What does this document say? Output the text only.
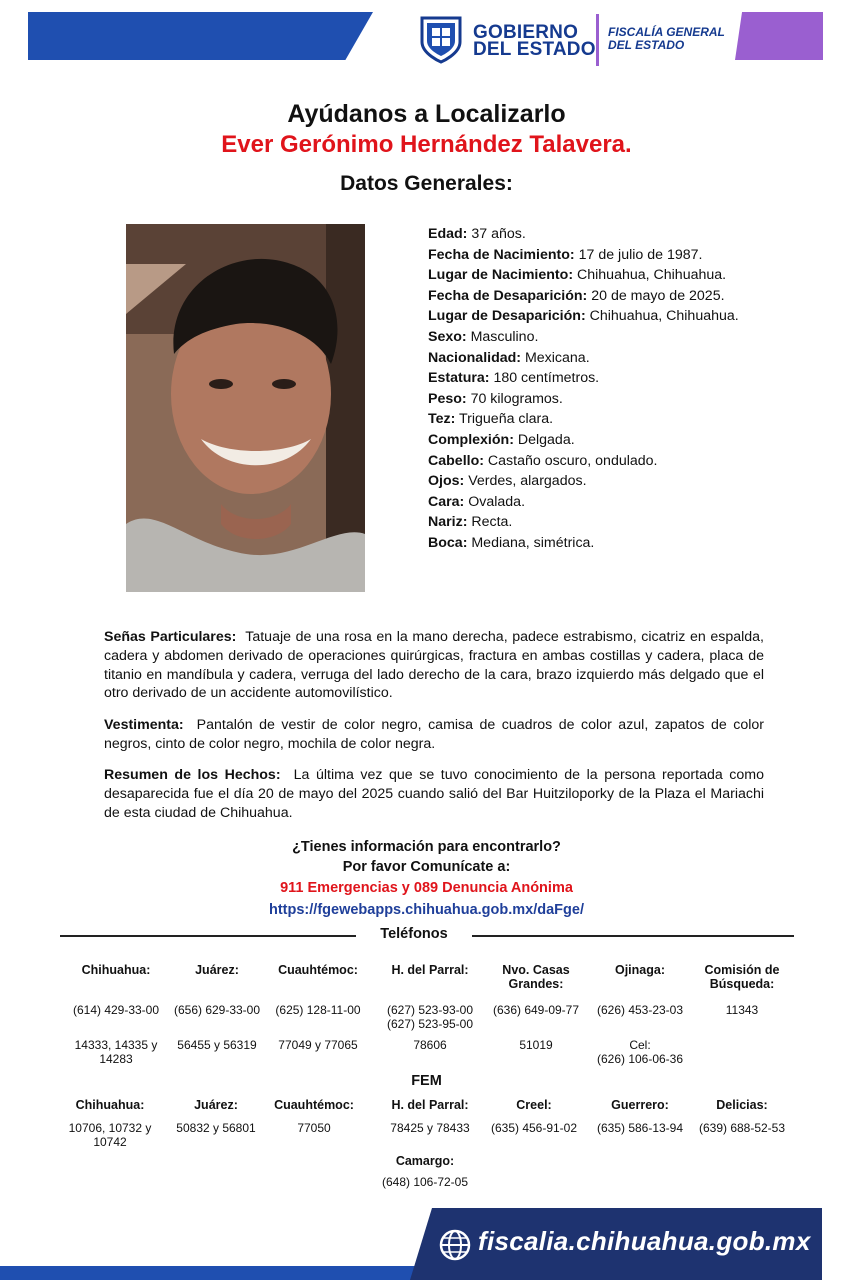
GOBIERNO
DEL ESTADO
FISCALÍA GENERAL
DEL ESTADO
Ayúdanos a Localizarlo
Ever Gerónimo Hernández Talavera.
Datos Generales:
Edad: 37 años.
Fecha de Nacimiento: 17 de julio de 1987.
Lugar de Nacimiento: Chihuahua, Chihuahua.
Fecha de Desaparición: 20 de mayo de 2025.
Lugar de Desaparición: Chihuahua, Chihuahua.
Sexo: Masculino.
Nacionalidad: Mexicana.
Estatura: 180 centímetros.
Peso: 70 kilogramos.
Tez: Trigueña clara.
Complexión: Delgada.
Cabello: Castaño oscuro, ondulado.
Ojos: Verdes, alargados.
Cara: Ovalada.
Nariz: Recta.
Boca: Mediana, simétrica.
Señas Particulares: Tatuaje de una rosa en la mano derecha, padece estrabismo, cicatriz en espalda, cadera y abdomen derivado de operaciones quirúrgicas, fractura en ambas costillas y cadera, placa de titanio en mandíbula y cadera, verruga del lado derecho de la cara, brazo izquierdo más delgado que el otro derivado de un accidente automovilístico.
Vestimenta: Pantalón de vestir de color negro, camisa de cuadros de color azul, zapatos de color negros, cinto de color negro, mochila de color negra.
Resumen de los Hechos: La última vez que se tuvo conocimiento de la persona reportada como desaparecida fue el día 20 de mayo del 2025 cuando salió del Bar Huitziloporky de la Plaza el Mariachi de esta ciudad de Chihuahua.
¿Tienes información para encontrarlo?
Por favor Comunícate a:
911 Emergencias y 089 Denuncia Anónima
https://fgewebapps.chihuahua.gob.mx/daFge/
Teléfonos
Chihuahua:
(614) 429-33-00
14333, 14335 y 14283
Juárez:
(656) 629-33-00
56455 y 56319
Cuauhtémoc:
(625) 128-11-00
77049 y 77065
H. del Parral:
(627) 523-93-00
(627) 523-95-00
78606
Nvo. Casas Grandes:
(636) 649-09-77
51019
Ojinaga:
(626) 453-23-03
Cel:
(626) 106-06-36
Comisión de Búsqueda:
11343
FEM
Chihuahua:
10706, 10732 y 10742
Juárez:
50832 y 56801
Cuauhtémoc:
77050
H. del Parral:
78425 y 78433
Creel:
(635) 456-91-02
Guerrero:
(635) 586-13-94
Delicias:
(639) 688-52-53
Camargo:
(648) 106-72-05
fiscalia.chihuahua.gob.mx
